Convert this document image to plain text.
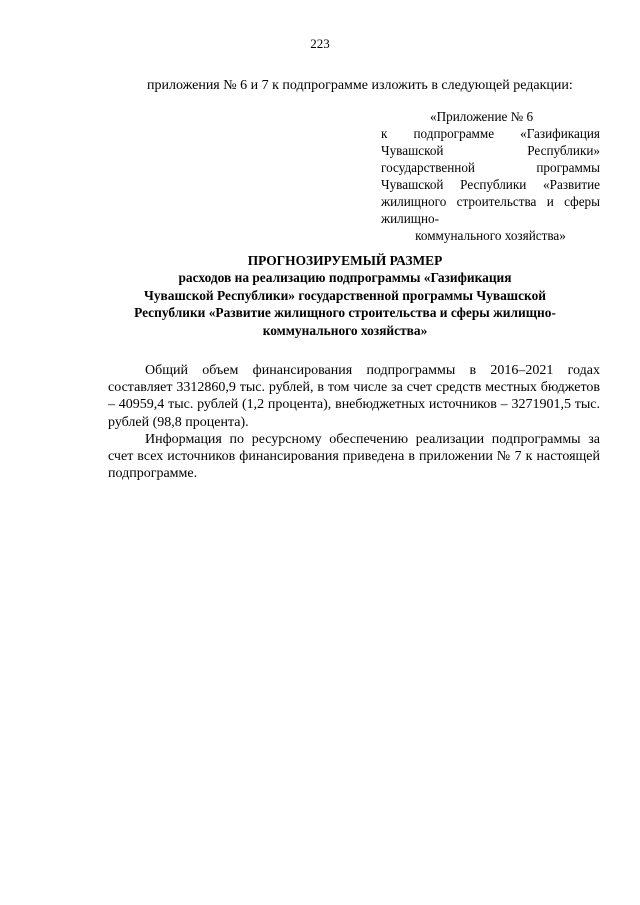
223
приложения № 6 и 7 к подпрограмме изложить в следующей редакции:
«Приложение № 6
к подпрограмме «Газификация Чувашской Республики» государственной программы Чувашской Республики «Развитие жилищного строительства и сферы жилищно-
коммунального хозяйства»
ПРОГНОЗИРУЕМЫЙ РАЗМЕР
расходов на реализацию подпрограммы «Газификация
Чувашской Республики» государственной программы Чувашской
Республики «Развитие жилищного строительства и сферы жилищно-
коммунального хозяйства»

Общий объем финансирования подпрограммы в 2016–2021 годах составляет 3312860,9 тыс. рублей, в том числе за счет средств местных бюджетов – 40959,4 тыс. рублей (1,2 процента), внебюджетных источников – 3271901,5 тыс. рублей (98,8 процента).

Информация по ресурсному обеспечению реализации подпрограммы за счет всех источников финансирования приведена в приложении № 7 к настоящей подпрограмме.
